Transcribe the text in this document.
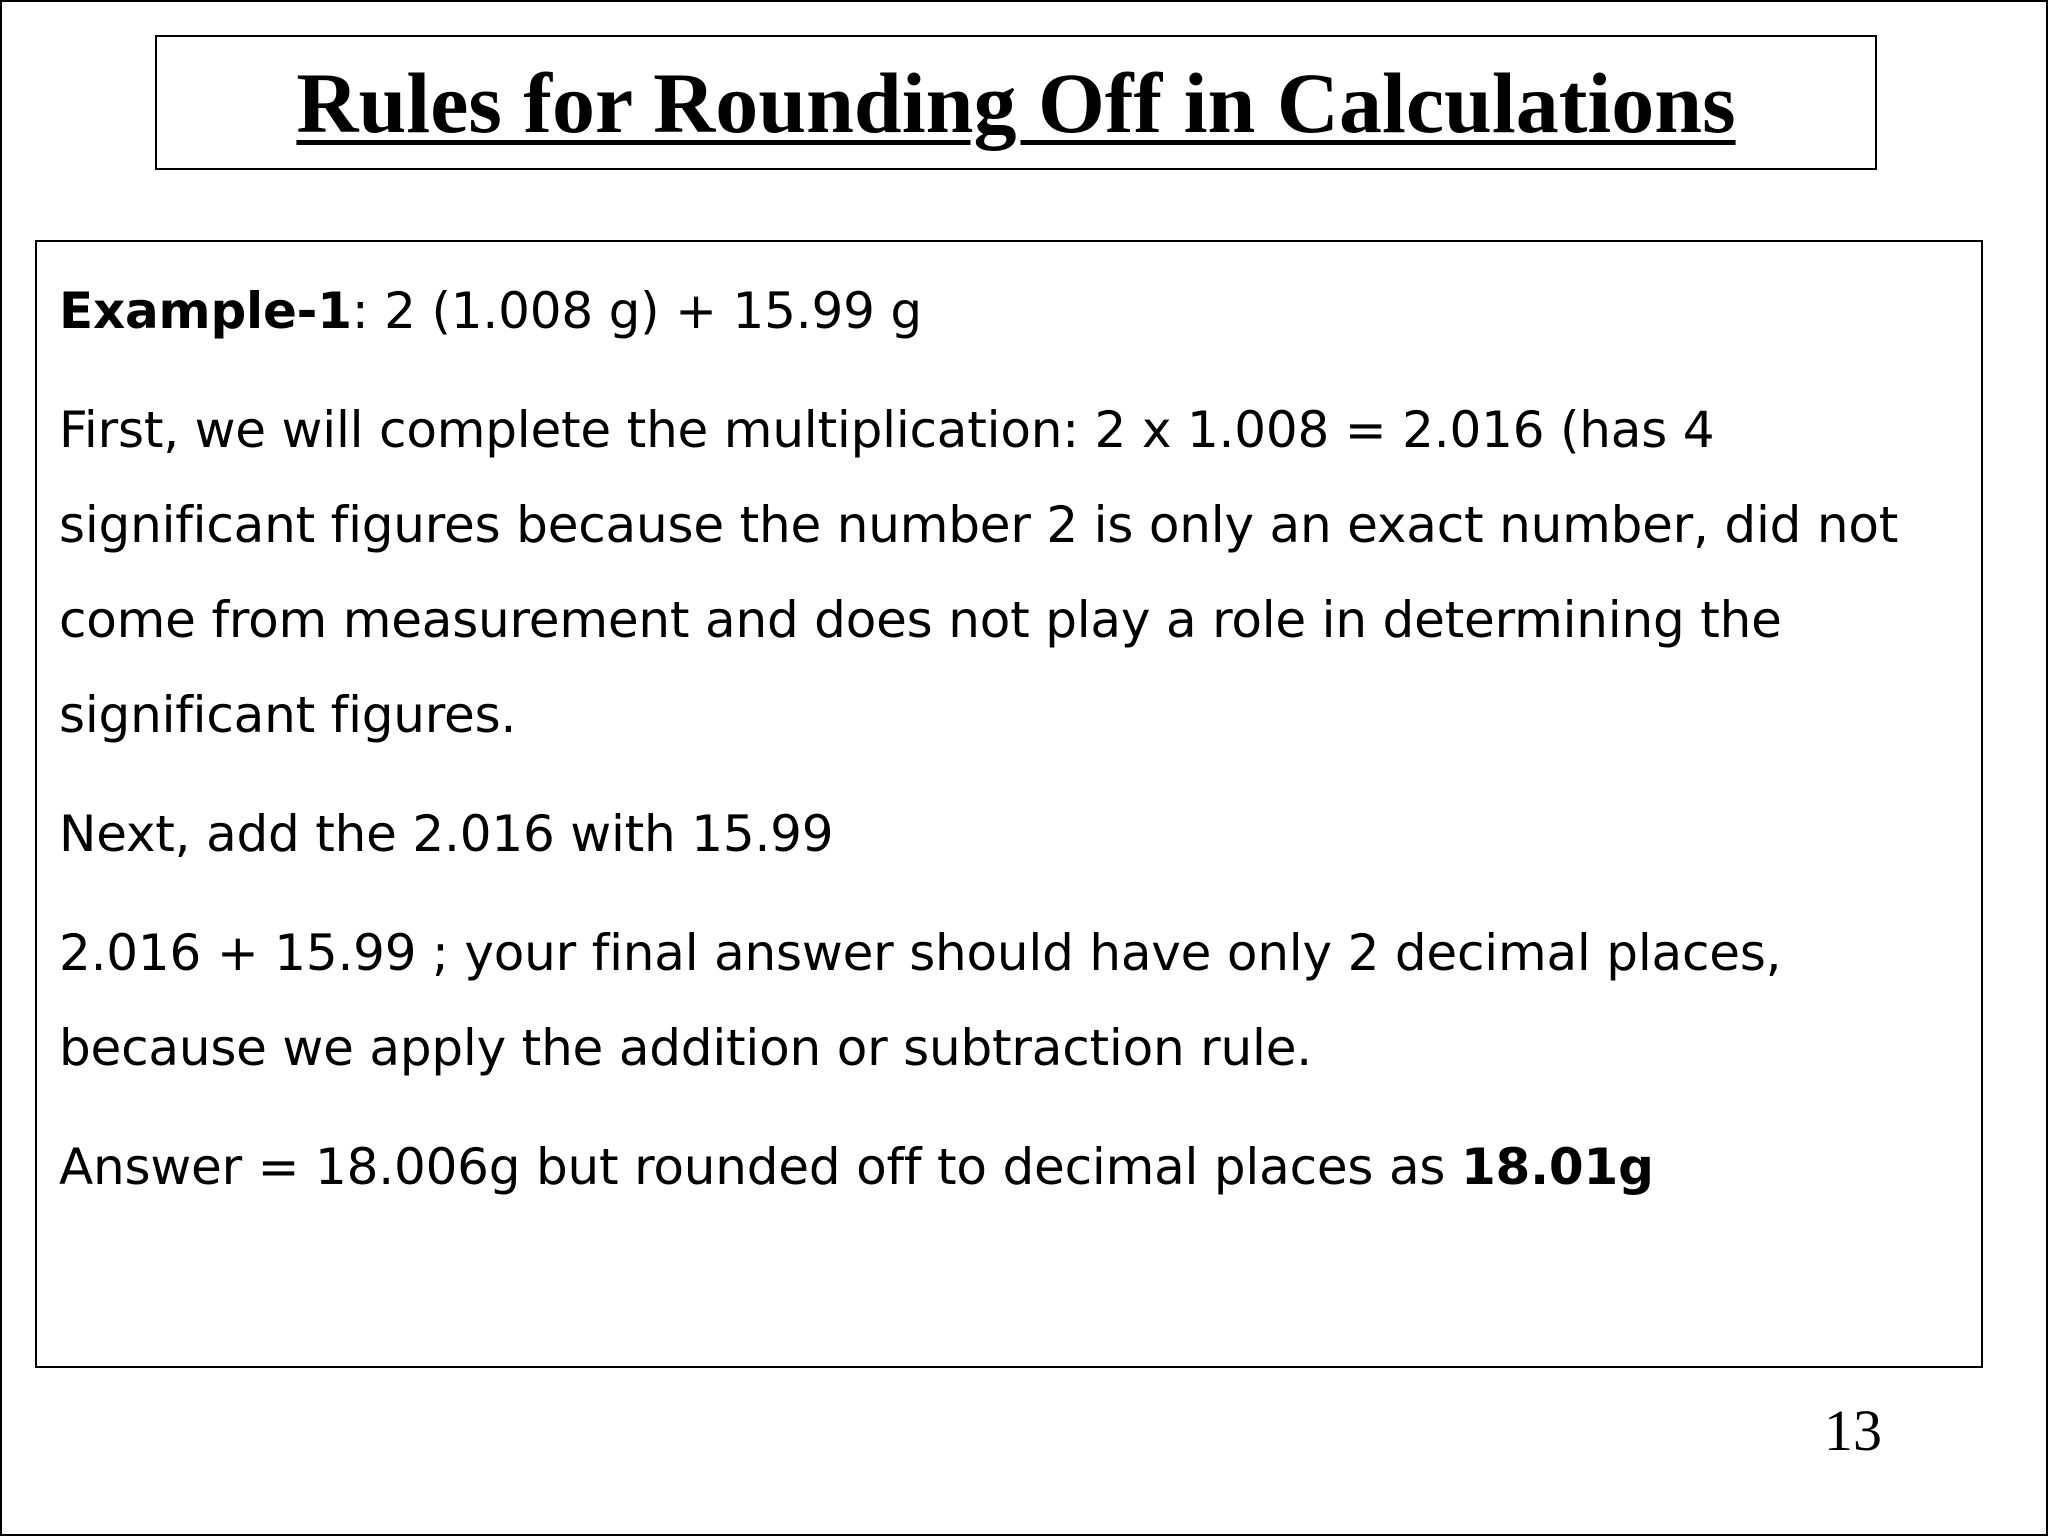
Rules for Rounding Off in Calculations

Example-1: 2 (1.008 g) + 15.99 g

First, we will complete the multiplication: 2 x 1.008 = 2.016 (has 4 significant figures because the number 2 is only an exact number, did not come from measurement and does not play a role in determining the significant figures.

Next, add the 2.016 with 15.99

2.016 + 15.99 ; your final answer should have only 2 decimal places, because we apply the addition or subtraction rule.

Answer = 18.006g but rounded off to decimal places as 18.01g

13
